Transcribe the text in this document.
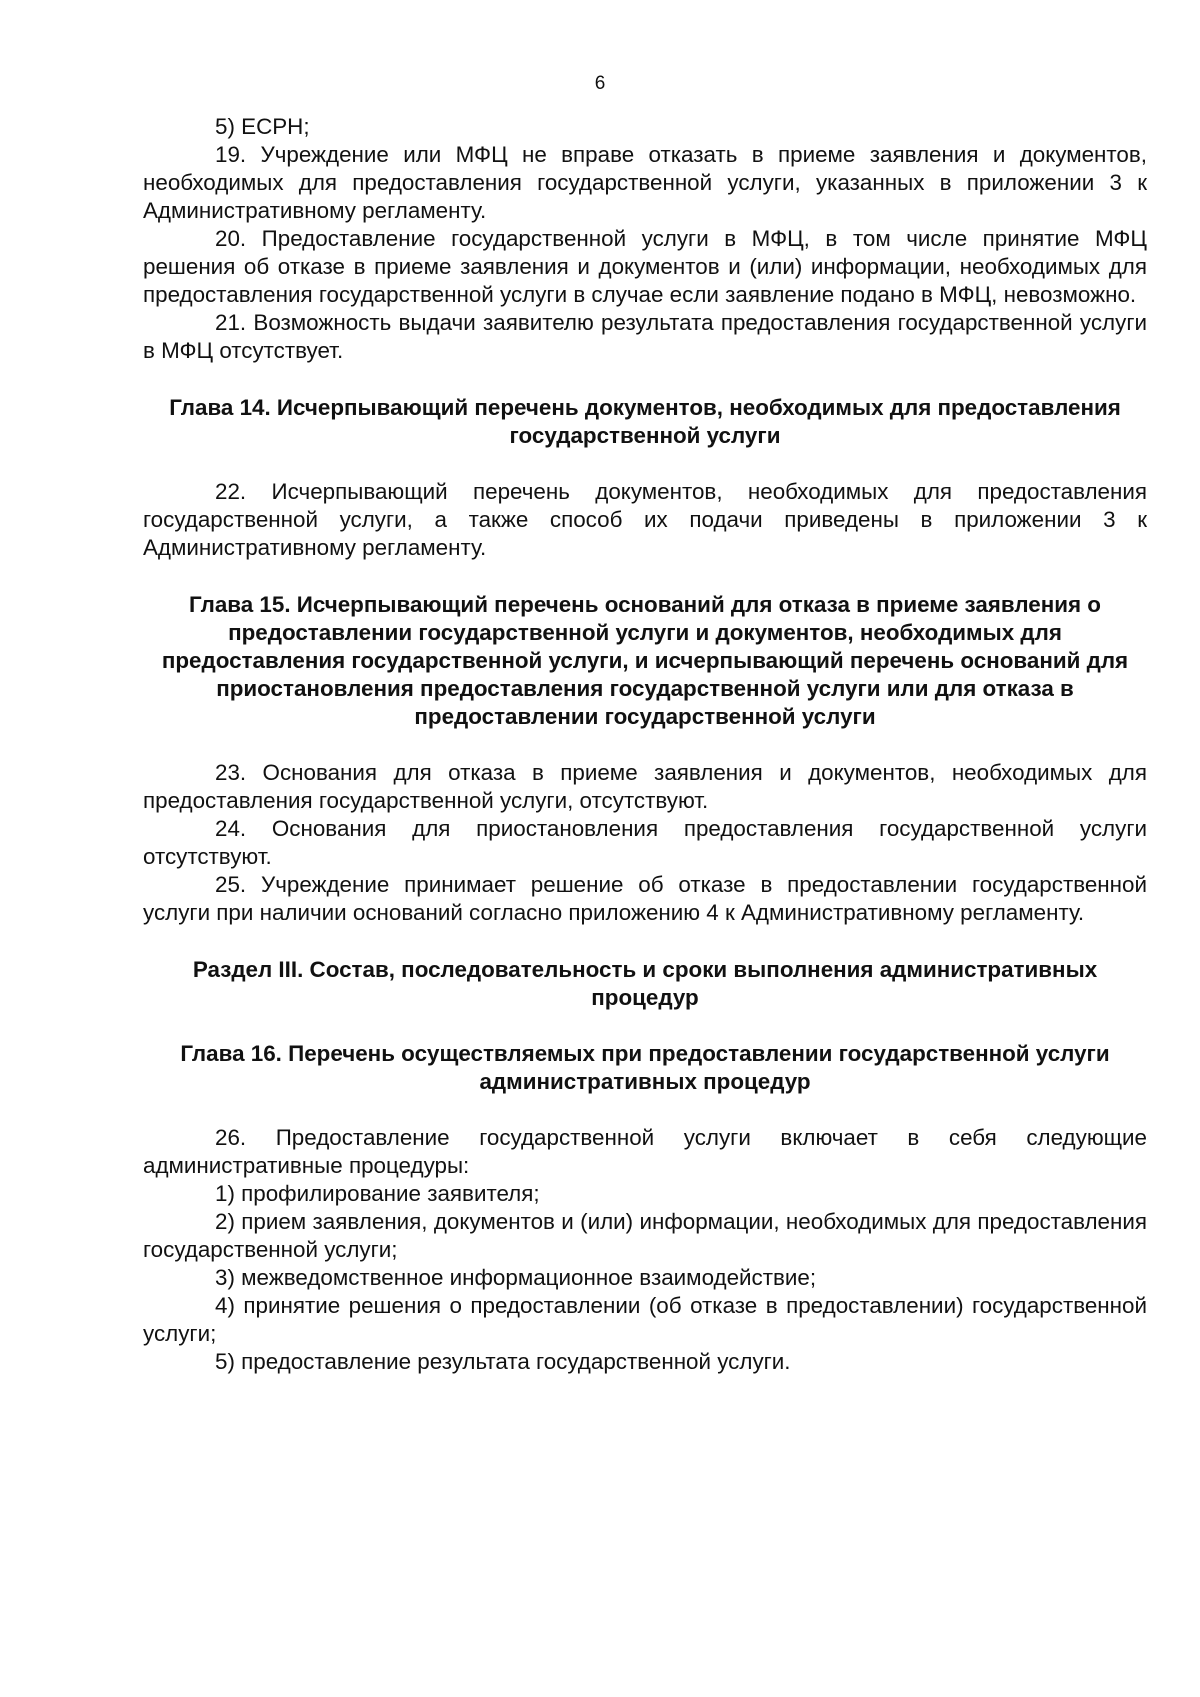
6

5) ЕСРН;

19. Учреждение или МФЦ не вправе отказать в приеме заявления и документов, необходимых для предоставления государственной услуги, указанных в приложении 3 к Административному регламенту.

20. Предоставление государственной услуги в МФЦ, в том числе принятие МФЦ решения об отказе в приеме заявления и документов и (или) информации, необходимых для предоставления государственной услуги в случае если заявление подано в МФЦ, невозможно.

21. Возможность выдачи заявителю результата предоставления государственной услуги в МФЦ отсутствует.

Глава 14. Исчерпывающий перечень документов, необходимых для предоставления государственной услуги

22. Исчерпывающий перечень документов, необходимых для предоставления государственной услуги, а также способ их подачи приведены в приложении 3 к Административному регламенту.

Глава 15. Исчерпывающий перечень оснований для отказа в приеме заявления о предоставлении государственной услуги и документов, необходимых для предоставления государственной услуги, и исчерпывающий перечень оснований для приостановления предоставления государственной услуги или для отказа в предоставлении государственной услуги

23. Основания для отказа в приеме заявления и документов, необходимых для предоставления государственной услуги, отсутствуют.

24. Основания для приостановления предоставления государственной услуги отсутствуют.

25. Учреждение принимает решение об отказе в предоставлении государственной услуги при наличии оснований согласно приложению 4 к Административному регламенту.

Раздел III. Состав, последовательность и сроки выполнения административных процедур

Глава 16. Перечень осуществляемых при предоставлении государственной услуги административных процедур

26. Предоставление государственной услуги включает в себя следующие административные процедуры:

1) профилирование заявителя;

2) прием заявления, документов и (или) информации, необходимых для предоставления государственной услуги;

3) межведомственное информационное взаимодействие;

4) принятие решения о предоставлении (об отказе в предоставлении) государственной услуги;

5) предоставление результата государственной услуги.
